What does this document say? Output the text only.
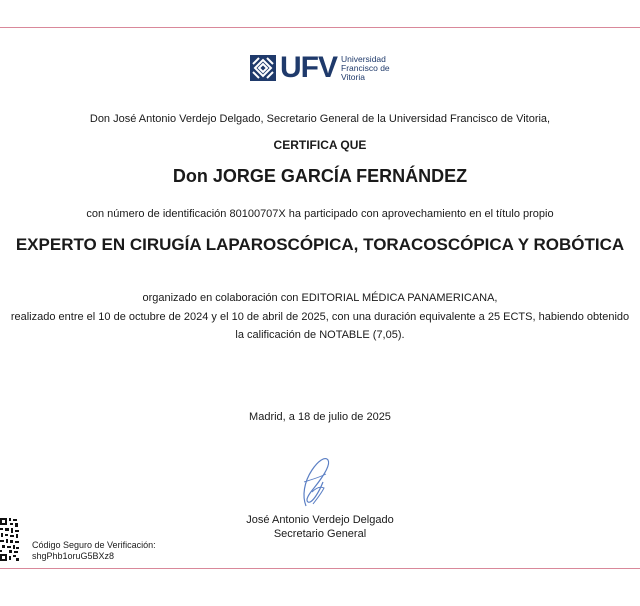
UFV Universidad
Francisco de
Vitoria
Don José Antonio Verdejo Delgado, Secretario General de la Universidad Francisco de Vitoria,
CERTIFICA QUE
Don JORGE GARCÍA FERNÁNDEZ
con número de identificación 80100707X ha participado con aprovechamiento en el título propio
EXPERTO EN CIRUGÍA LAPAROSCÓPICA, TORACOSCÓPICA Y ROBÓTICA
organizado en colaboración con EDITORIAL MÉDICA PANAMERICANA,
realizado entre el 10 de octubre de 2024 y el 10 de abril de 2025, con una duración equivalente a 25 ECTS, habiendo obtenido
la calificación de NOTABLE (7,05).
Madrid, a 18 de julio de 2025
José Antonio Verdejo Delgado
Secretario General
Código Seguro de Verificación:
shgPhb1oruG5BXz8
